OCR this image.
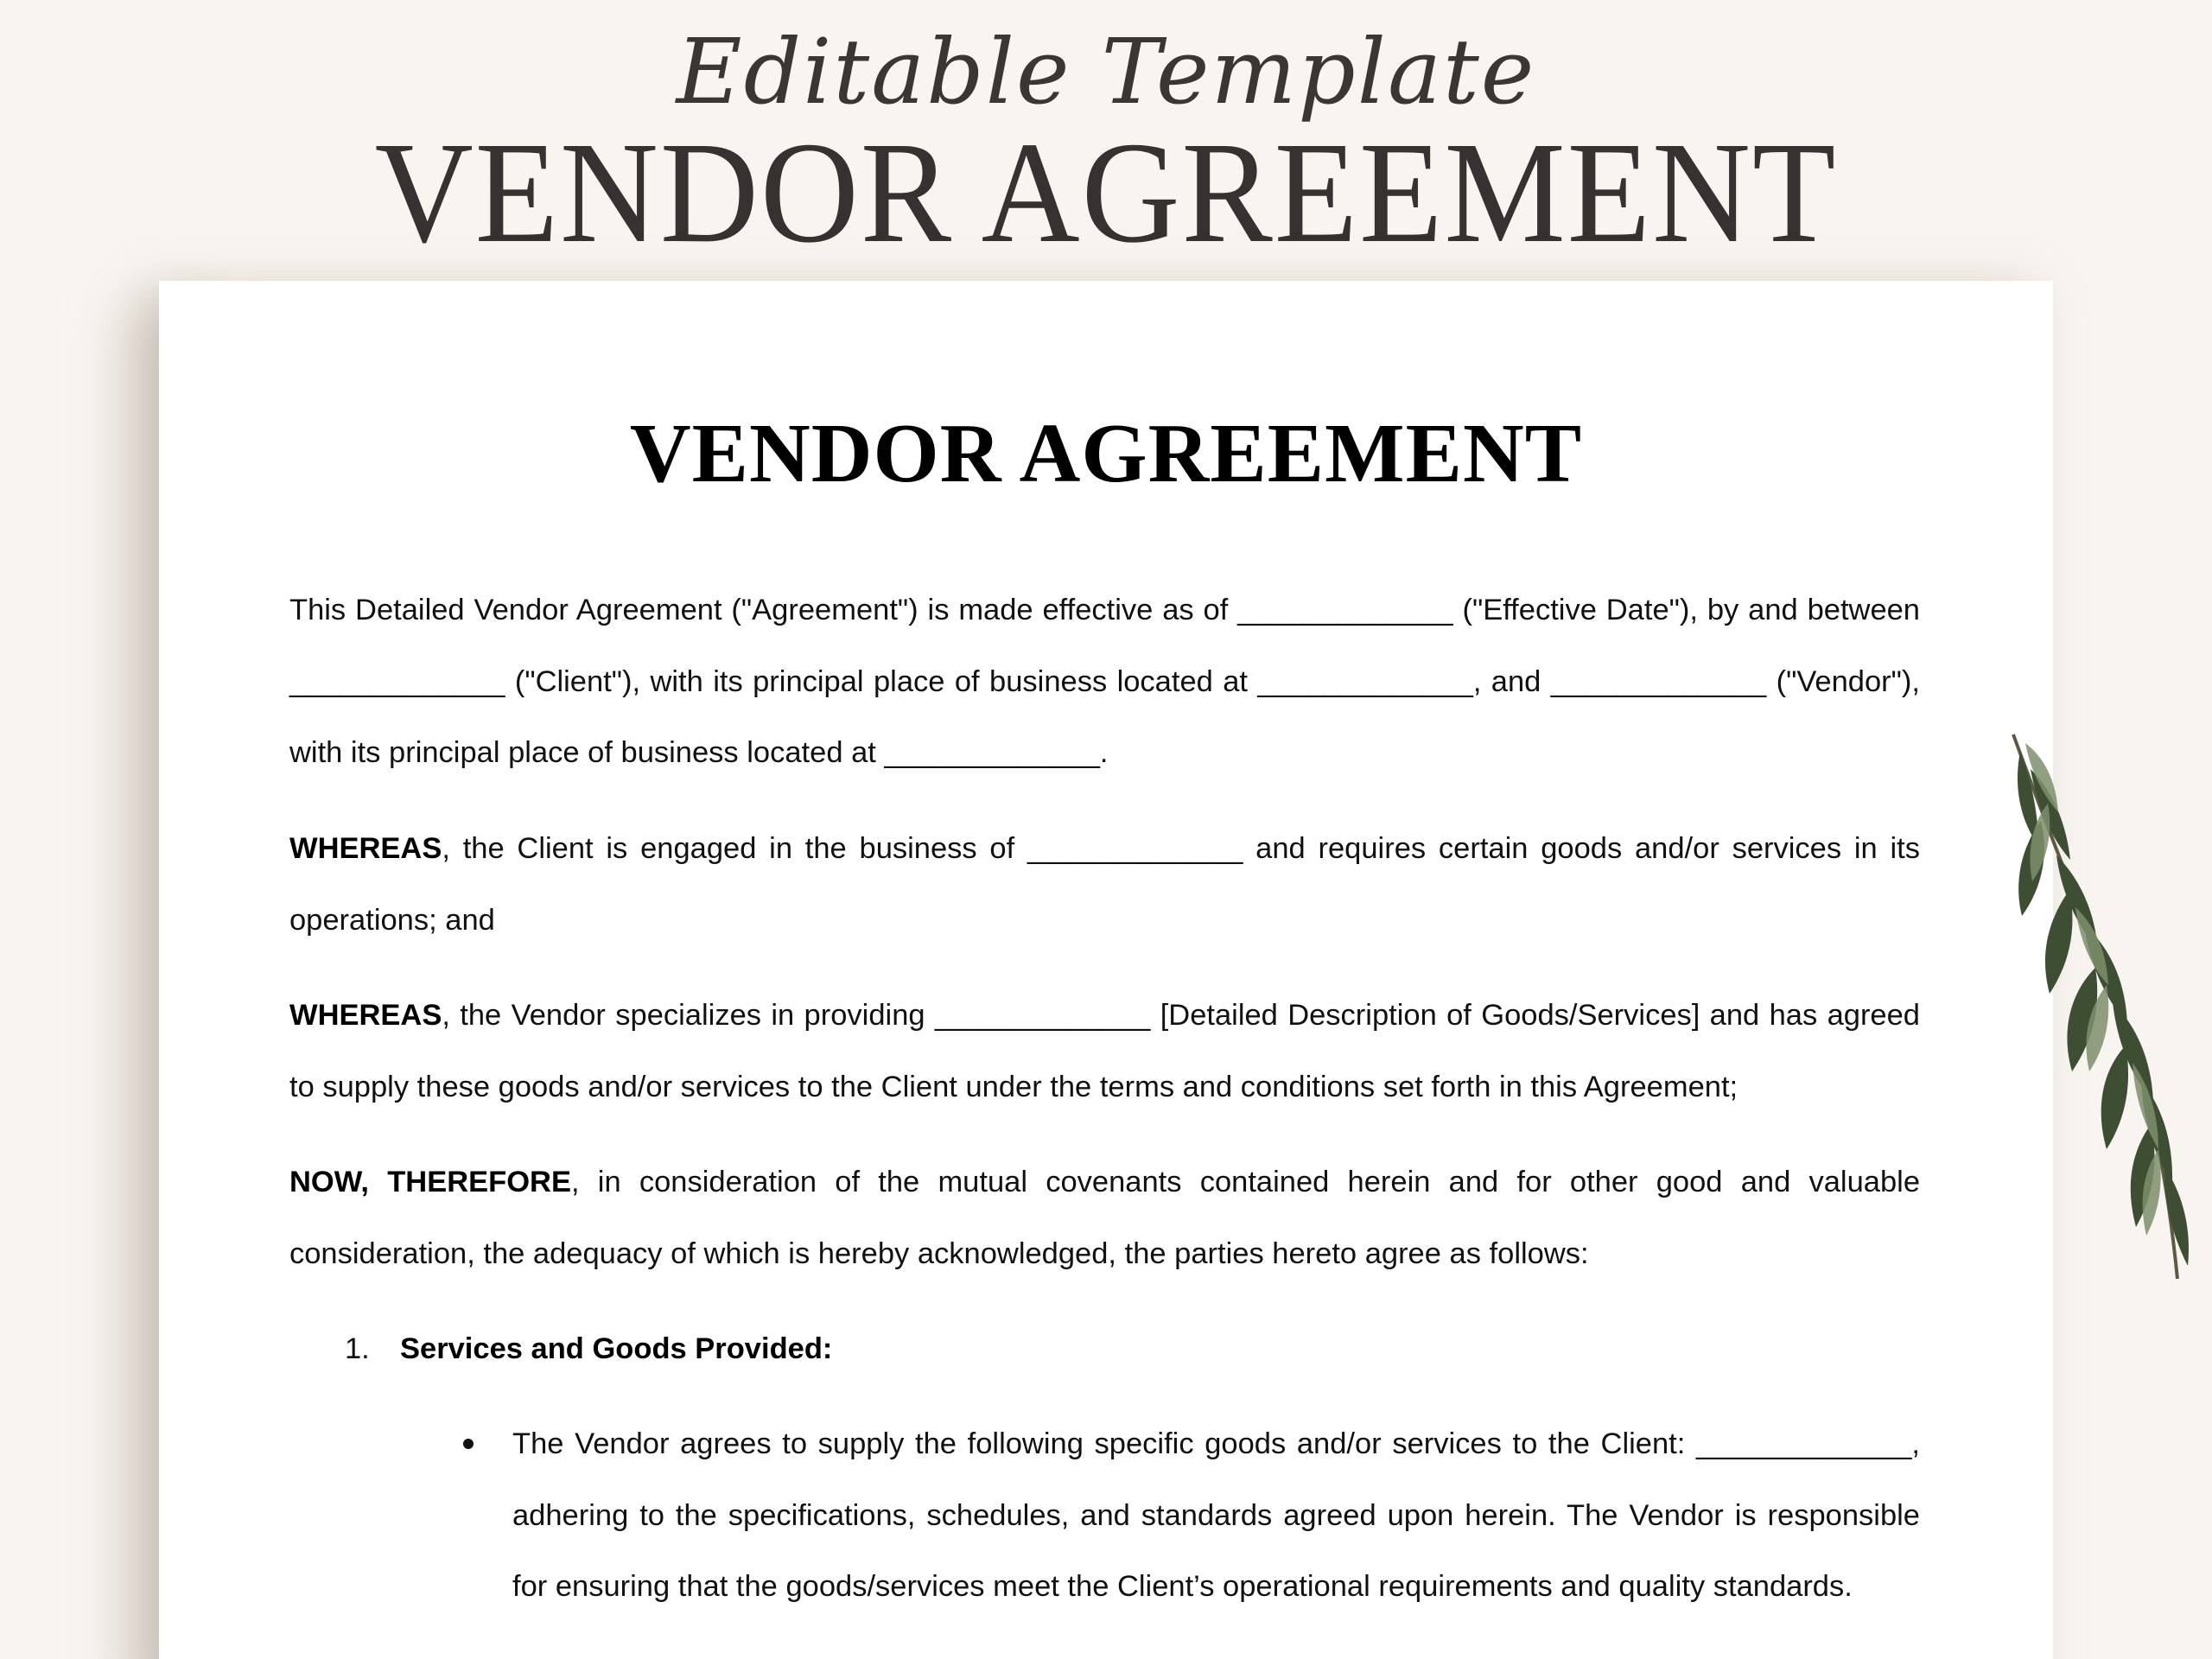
Editable Template
VENDOR AGREEMENT
VENDOR AGREEMENT
This Detailed Vendor Agreement ("Agreement") is made effective as of _____________ ("Effective Date"), by and between _____________ ("Client"), with its principal place of business located at _____________, and _____________ ("Vendor"), with its principal place of business located at _____________.
WHEREAS, the Client is engaged in the business of _____________ and requires certain goods and/or services in its operations; and
WHEREAS, the Vendor specializes in providing _____________ [Detailed Description of Goods/Services] and has agreed to supply these goods and/or services to the Client under the terms and conditions set forth in this Agreement;
NOW, THEREFORE, in consideration of the mutual covenants contained herein and for other good and valuable consideration, the adequacy of which is hereby acknowledged, the parties hereto agree as follows:
1. Services and Goods Provided:
The Vendor agrees to supply the following specific goods and/or services to the Client: _____________, adhering to the specifications, schedules, and standards agreed upon herein. The Vendor is responsible for ensuring that the goods/services meet the Client’s operational requirements and quality standards.
